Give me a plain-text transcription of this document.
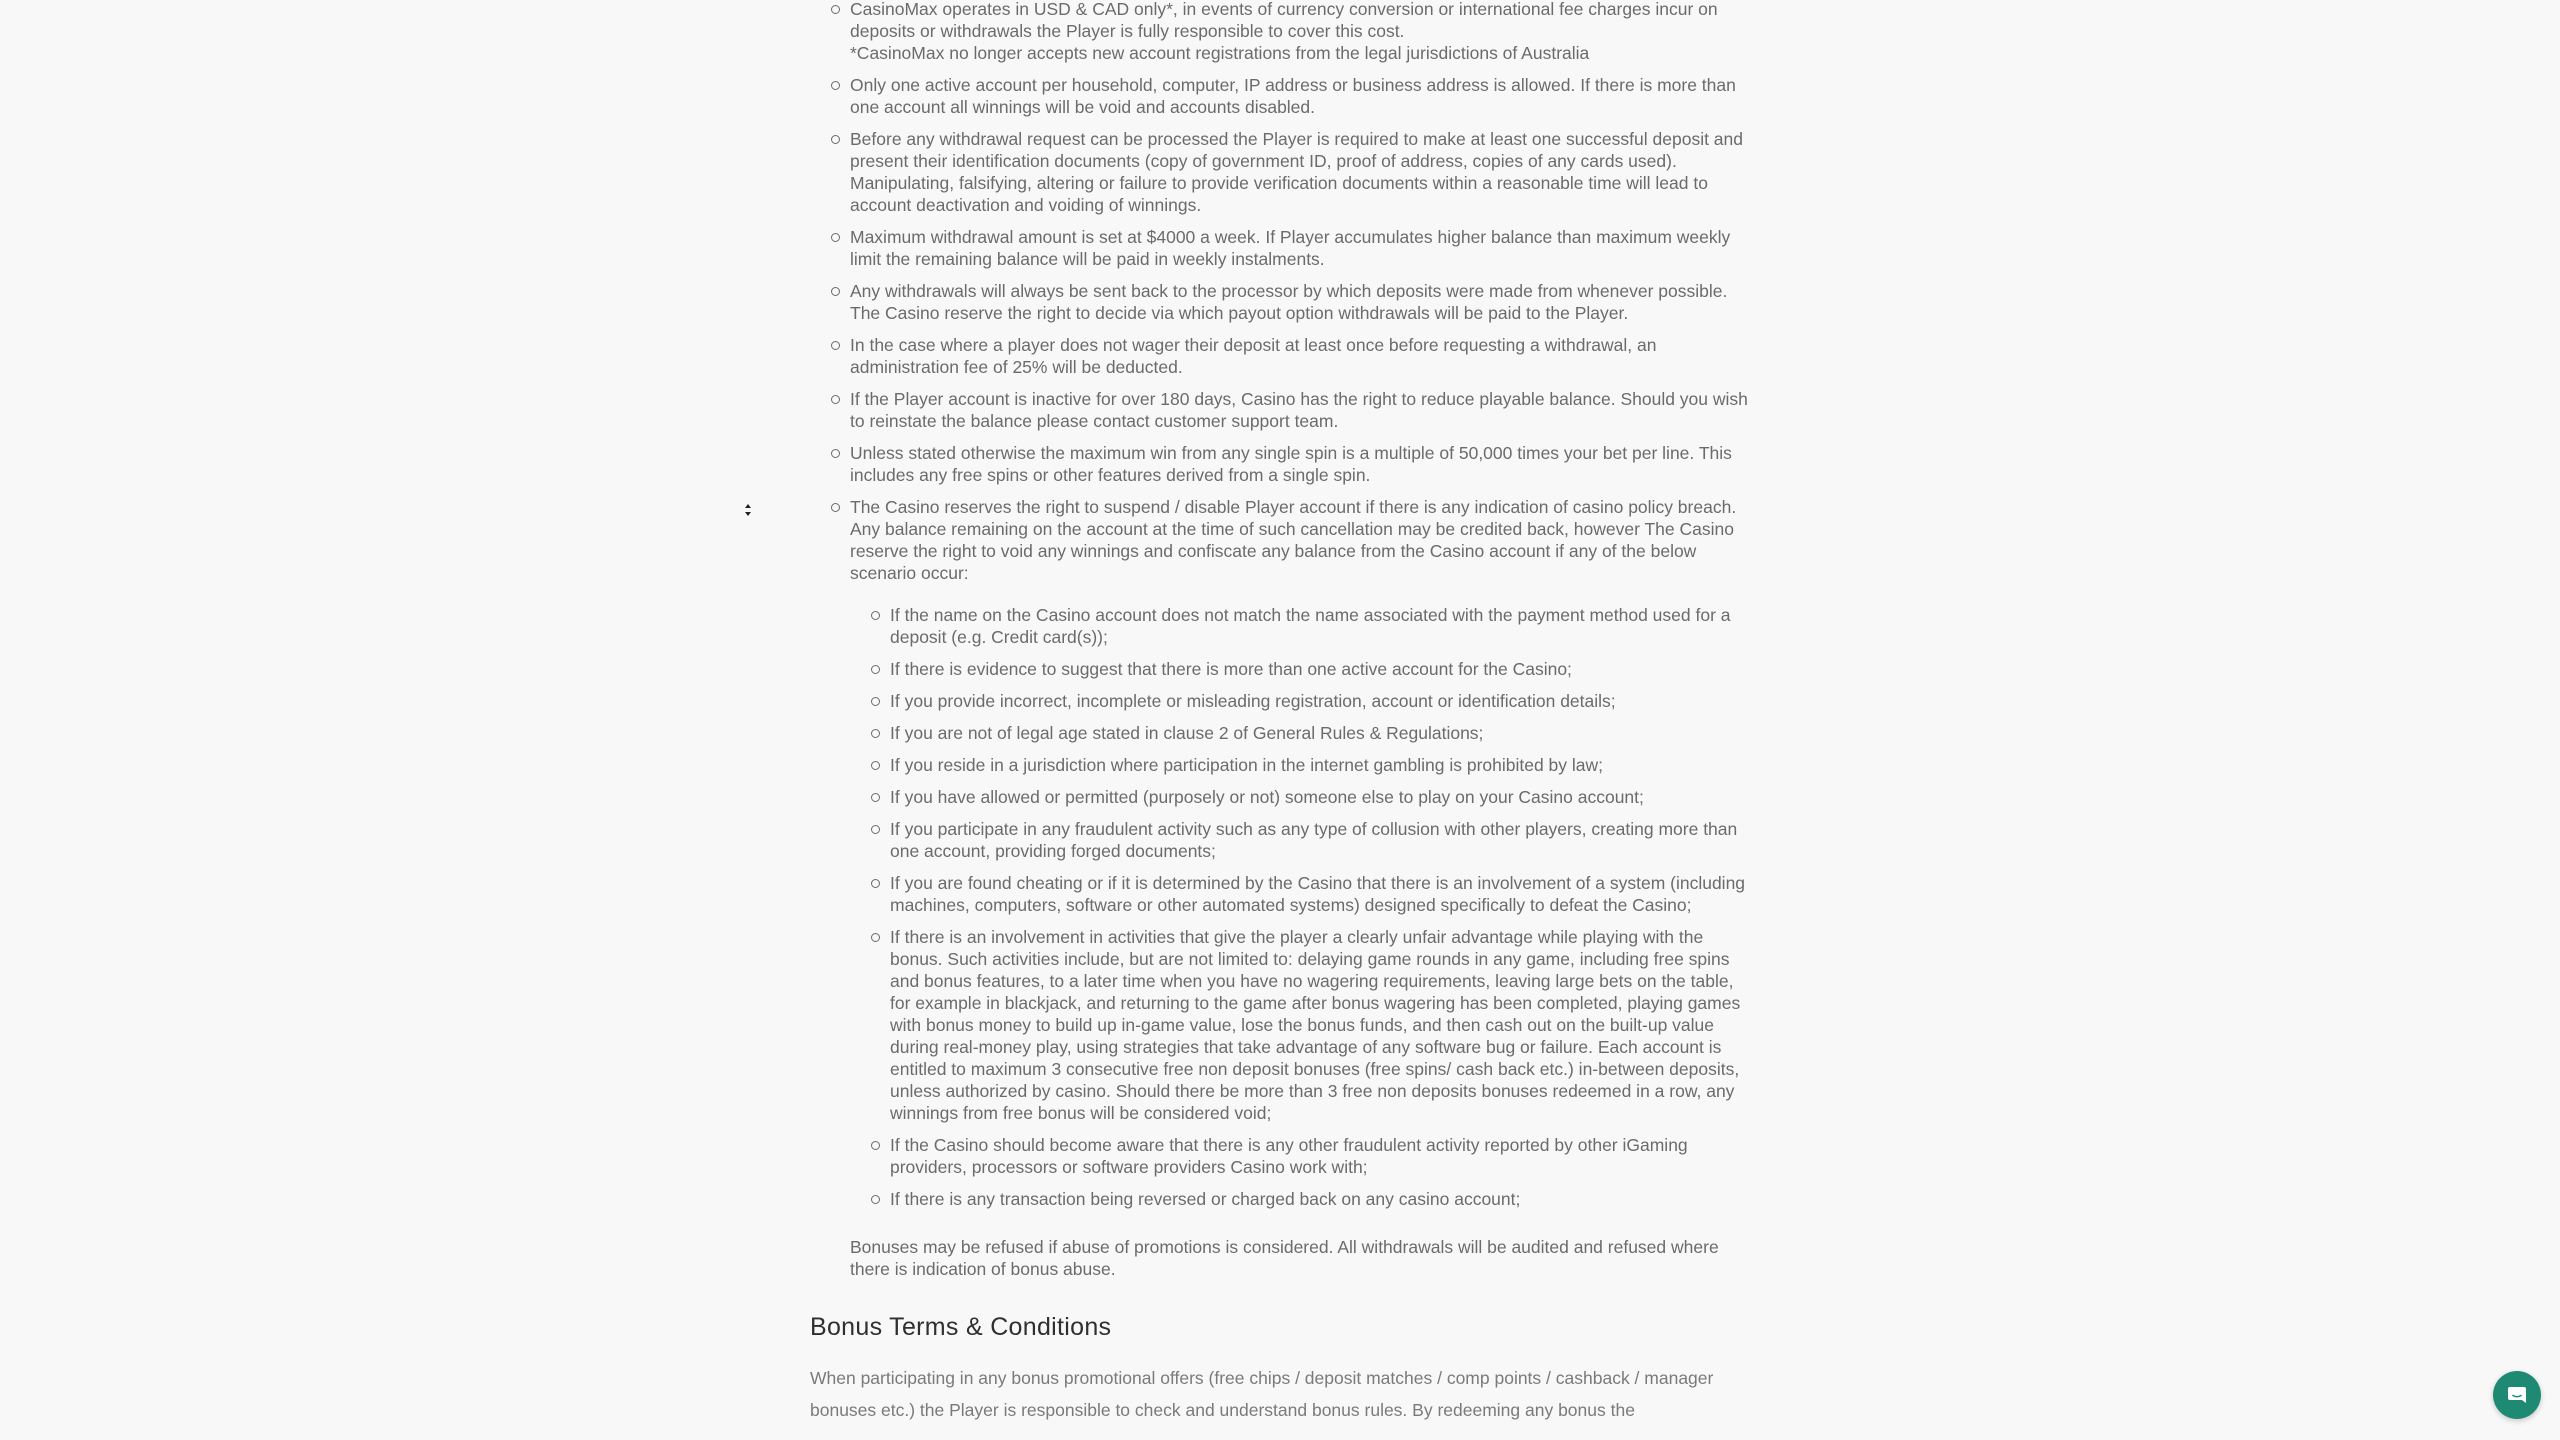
CasinoMax operates in USD & CAD only*, in events of currency conversion or international fee charges incur on deposits or withdrawals the Player is fully responsible to cover this cost.
*CasinoMax no longer accepts new account registrations from the legal jurisdictions of Australia
Only one active account per household, computer, IP address or business address is allowed. If there is more than one account all winnings will be void and accounts disabled.
Before any withdrawal request can be processed the Player is required to make at least one successful deposit and present their identification documents (copy of government ID, proof of address, copies of any cards used). Manipulating, falsifying, altering or failure to provide verification documents within a reasonable time will lead to account deactivation and voiding of winnings.
Maximum withdrawal amount is set at $4000 a week. If Player accumulates higher balance than maximum weekly limit the remaining balance will be paid in weekly instalments.
Any withdrawals will always be sent back to the processor by which deposits were made from whenever possible. The Casino reserve the right to decide via which payout option withdrawals will be paid to the Player.
In the case where a player does not wager their deposit at least once before requesting a withdrawal, an administration fee of 25% will be deducted.
If the Player account is inactive for over 180 days, Casino has the right to reduce playable balance. Should you wish to reinstate the balance please contact customer support team.
Unless stated otherwise the maximum win from any single spin is a multiple of 50,000 times your bet per line. This includes any free spins or other features derived from a single spin.
The Casino reserves the right to suspend / disable Player account if there is any indication of casino policy breach. Any balance remaining on the account at the time of such cancellation may be credited back, however The Casino reserve the right to void any winnings and confiscate any balance from the Casino account if any of the below scenario occur:
If the name on the Casino account does not match the name associated with the payment method used for a deposit (e.g. Credit card(s));
If there is evidence to suggest that there is more than one active account for the Casino;
If you provide incorrect, incomplete or misleading registration, account or identification details;
If you are not of legal age stated in clause 2 of General Rules & Regulations;
If you reside in a jurisdiction where participation in the internet gambling is prohibited by law;
If you have allowed or permitted (purposely or not) someone else to play on your Casino account;
If you participate in any fraudulent activity such as any type of collusion with other players, creating more than one account, providing forged documents;
If you are found cheating or if it is determined by the Casino that there is an involvement of a system (including machines, computers, software or other automated systems) designed specifically to defeat the Casino;
If there is an involvement in activities that give the player a clearly unfair advantage while playing with the bonus. Such activities include, but are not limited to: delaying game rounds in any game, including free spins and bonus features, to a later time when you have no wagering requirements, leaving large bets on the table, for example in blackjack, and returning to the game after bonus wagering has been completed, playing games with bonus money to build up in-game value, lose the bonus funds, and then cash out on the built-up value during real-money play, using strategies that take advantage of any software bug or failure. Each account is entitled to maximum 3 consecutive free non deposit bonuses (free spins/ cash back etc.) in-between deposits, unless authorized by casino. Should there be more than 3 free non deposits bonuses redeemed in a row, any winnings from free bonus will be considered void;
If the Casino should become aware that there is any other fraudulent activity reported by other iGaming providers, processors or software providers Casino work with;
If there is any transaction being reversed or charged back on any casino account;

Bonuses may be refused if abuse of promotions is considered. All withdrawals will be audited and refused where there is indication of bonus abuse.

Bonus Terms & Conditions

When participating in any bonus promotional offers (free chips / deposit matches / comp points / cashback / manager bonuses etc.) the Player is responsible to check and understand bonus rules. By redeeming any bonus the
